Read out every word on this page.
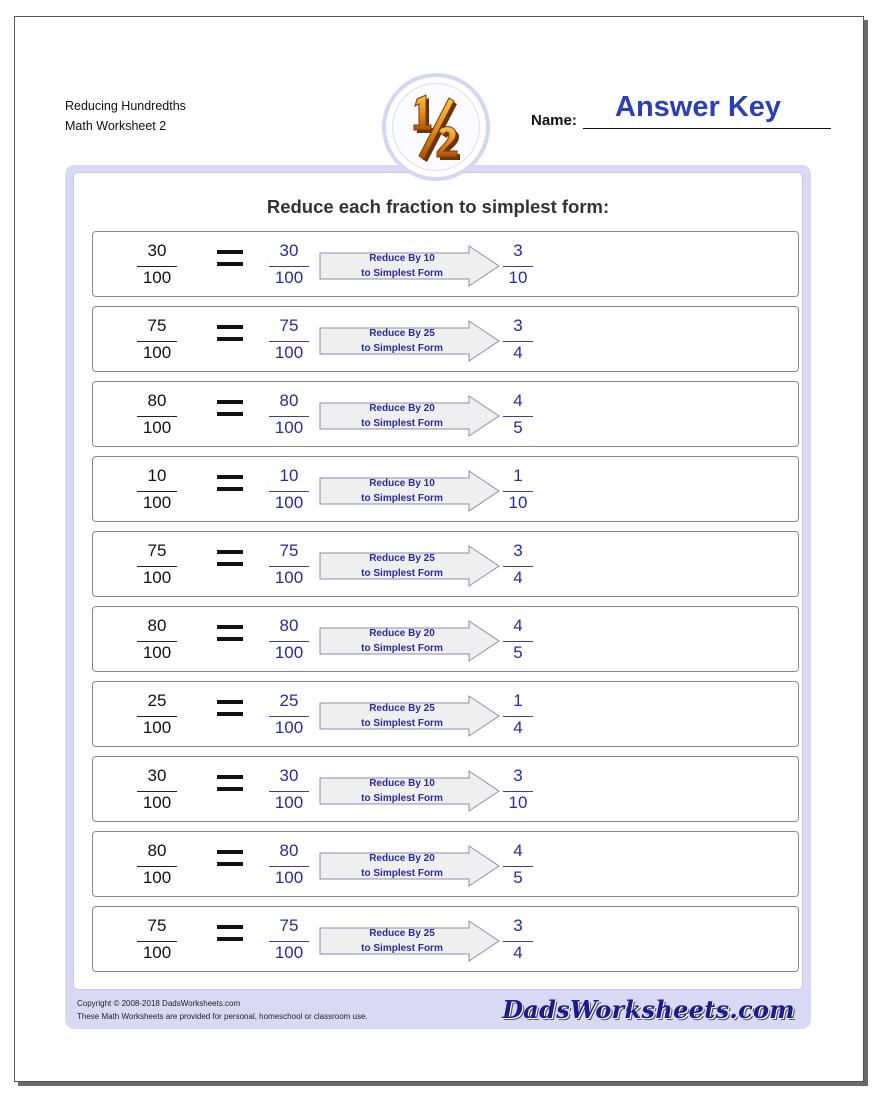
Reducing Hundredths
Math Worksheet 2	Name: Answer Key
Reduce each fraction to simplest form:
30
100
30
100
Reduce By 10
to Simplest Form
3
10
75
100
75
100
Reduce By 25
to Simplest Form
3
4
80
100
80
100
Reduce By 20
to Simplest Form
4
5
10
100
10
100
Reduce By 10
to Simplest Form
1
10
75
100
75
100
Reduce By 25
to Simplest Form
3
4
80
100
80
100
Reduce By 20
to Simplest Form
4
5
25
100
25
100
Reduce By 25
to Simplest Form
1
4
30
100
30
100
Reduce By 10
to Simplest Form
3
10
80
100
80
100
Reduce By 20
to Simplest Form
4
5
75
100
75
100
Reduce By 25
to Simplest Form
3
4
Copyright © 2008-2018 DadsWorksheets.com
These Math Worksheets are provided for personal, homeschool or classroom use.	DadsWorksheets.com
